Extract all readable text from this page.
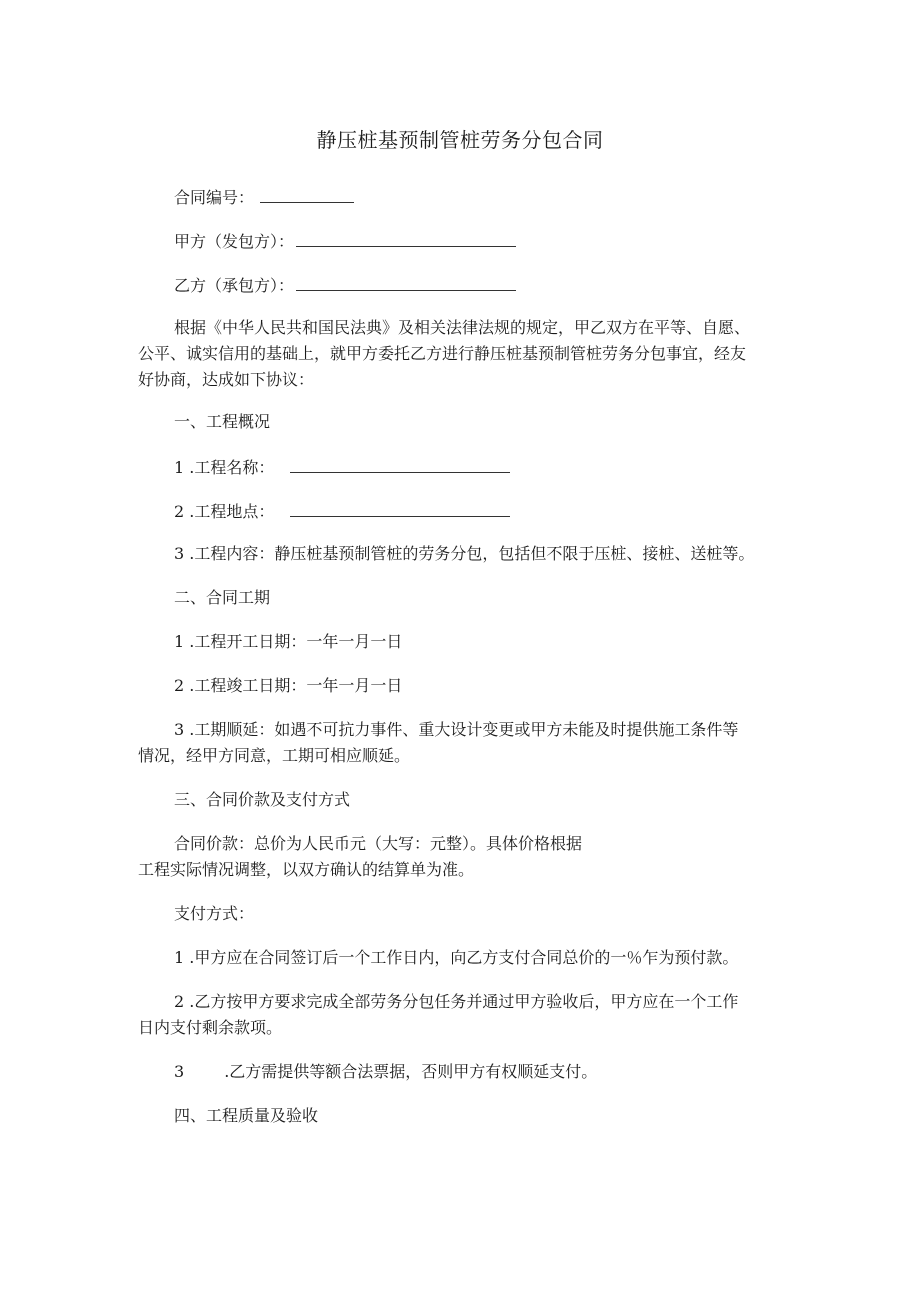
静压桩基预制管桩劳务分包合同
合同编号：
甲方（发包方）：
乙方（承包方）：
根据《中华人民共和国民法典》及相关法律法规的规定，甲乙双方在平等、自愿、
公平、诚实信用的基础上，就甲方委托乙方进行静压桩基预制管桩劳务分包事宜，经友
好协商，达成如下协议：
一、工程概况
1 .工程名称：
2 .工程地点：
3 .工程内容：静压桩基预制管桩的劳务分包，包括但不限于压桩、接桩、送桩等。
二、合同工期
1 .工程开工日期：一年一月一日
2 .工程竣工日期：一年一月一日
3 .工期顺延：如遇不可抗力事件、重大设计变更或甲方未能及时提供施工条件等
情况，经甲方同意，工期可相应顺延。
三、合同价款及支付方式
合同价款：总价为人民币元（大写：元整）。具体价格根据
工程实际情况调整，以双方确认的结算单为准。
支付方式：
1 .甲方应在合同签订后一个工作日内，向乙方支付合同总价的一％乍为预付款。
2 .乙方按甲方要求完成全部劳务分包任务并通过甲方验收后，甲方应在一个工作
日内支付剩余款项。
3	.乙方需提供等额合法票据，否则甲方有权顺延支付。
四、工程质量及验收
